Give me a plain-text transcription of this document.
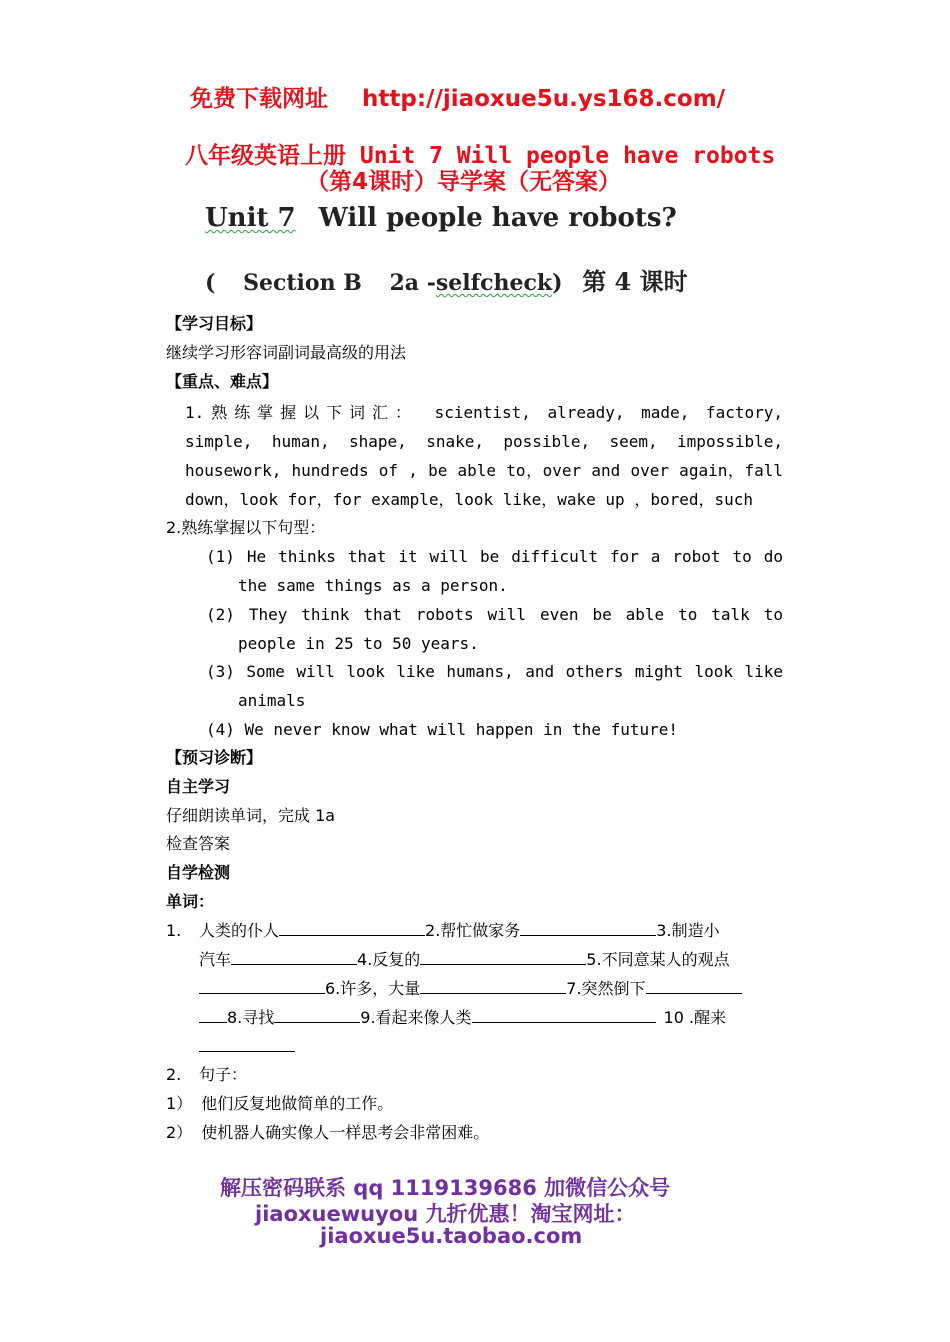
免费下载网址 http://jiaoxue5u.ys168.com/
八年级英语上册 Unit 7 Will people have robots
（第4课时）导学案（无答案）
Unit 7 Will people have robots?
( Section B 2a -selfcheck) 第 4 课时
【学习目标】
继续学习形容词副词最高级的用法
【重点、难点】
1.熟练掌握以下词汇： scientist, already, made, factory,
simple, human, shape, snake, possible, seem, impossible,
housework, hundreds of , be able to，over and over again，fall
down，look for，for example，look like，wake up ，bored，such
2.熟练掌握以下句型：
(1) He thinks that it will be difficult for a robot to do
the same things as a person.
(2) They think that robots will even be able to talk to
people in 25 to 50 years.
(3) Some will look like humans, and others might look like
animals
(4) We never know what will happen in the future!
【预习诊断】
自主学习
仔细朗读单词，完成 1a
检查答案
自学检测
单词：
1. 人类的仆人	2.帮忙做家务	3.制造小
汽车	4.反复的	5.不同意某人的观点
6.许多，大量	7.突然倒下
8.寻找	9.看起来像人类	10 .醒来
2. 句子：
1） 他们反复地做简单的工作。
2） 使机器人确实像人一样思考会非常困难。
解压密码联系 qq 1119139686 加微信公众号
jiaoxuewuyou 九折优惠！淘宝网址：
jiaoxue5u.taobao.com
